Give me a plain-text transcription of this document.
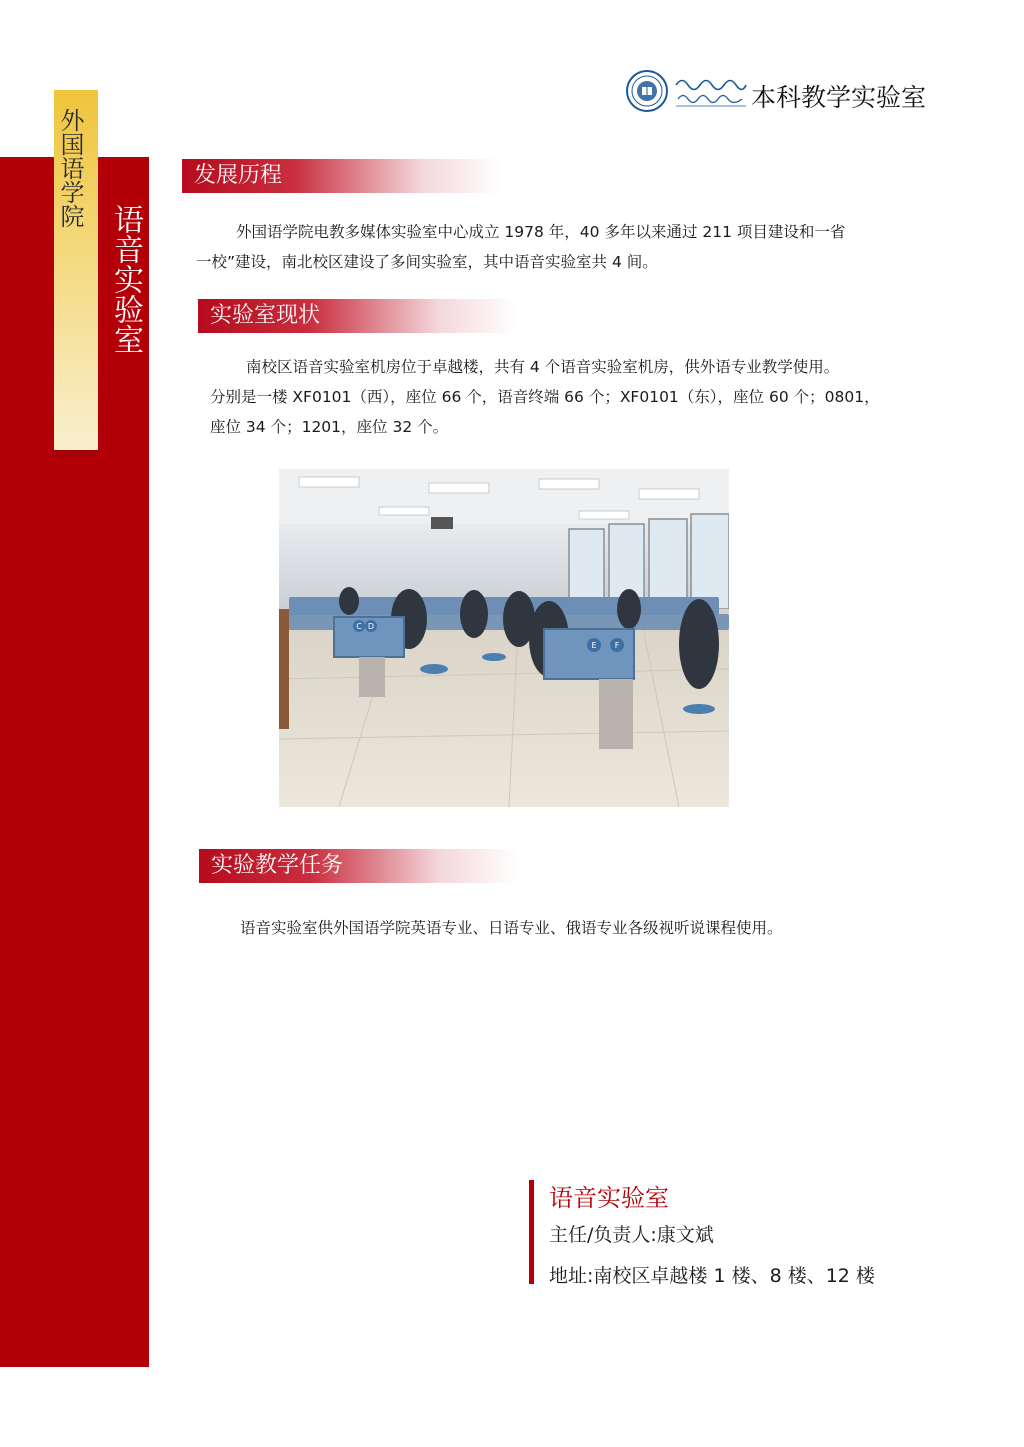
外国语学院
语音实验室
本科教学实验室
发展历程
外国语学院电教多媒体实验室中心成立 1978 年，40 多年以来通过 211 项目建设和一省
一校”建设，南北校区建设了多间实验室，其中语音实验室共 4 间。
实验室现状
南校区语音实验室机房位于卓越楼，共有 4 个语音实验室机房，供外语专业教学使用。
分别是一楼 XF0101（西），座位 66 个，语音终端 66 个；XF0101（东），座位 60 个；0801，
座位 34 个；1201，座位 32 个。
C D
E F
实验教学任务
语音实验室供外国语学院英语专业、日语专业、俄语专业各级视听说课程使用。
语音实验室
主任/负责人:康文斌
地址:南校区卓越楼 1 楼、8 楼、12 楼
